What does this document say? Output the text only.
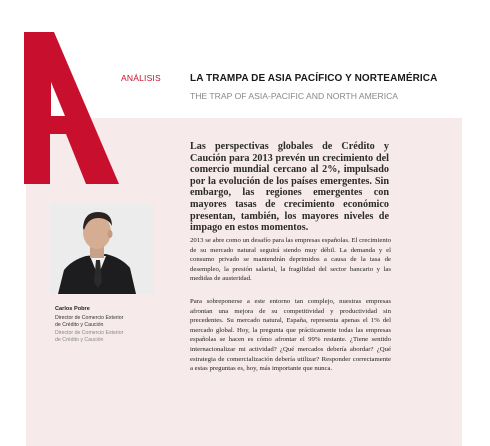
ANÁLISIS	LA TRAMPA DE ASIA PACÍFICO Y NORTEAMÉRICA
THE TRAP OF ASIA-PACIFIC AND NORTH AMERICA
Las perspectivas globales de Crédito y Caución para 2013 prevén un crecimiento del comercio mundial cercano al 2%, impulsado por la evolución de los países emergentes. Sin embargo, las regiones emergentes con mayores tasas de crecimiento económico presentan, también, los mayores niveles de impago en estos momentos.
Carlos Pobre
Director de Comercio Exterior
de Crédito y Caución
Director de Comercio Exterior
de Crédito y Caución
2013 se abre como un desafío para las empresas españolas. El crecimiento de su mercado natural seguirá siendo muy débil. La demanda y el consumo privado se mantendrán deprimidos a causa de la tasa de desempleo, la presión salarial, la fragilidad del sector bancario y las medidas de austeridad.
Para sobreponerse a este entorno tan complejo, nuestras empresas afrontan una mejora de su competitividad y productividad sin precedentes. Su mercado natural, España, representa apenas el 1% del mercado global. Hoy, la pregunta que prácticamente todas las empresas españolas se hacen es cómo afrontar el 99% restante. ¿Tiene sentido internacionalizar mi actividad? ¿Qué mercados debería abordar? ¿Qué estrategia de comercialización debería utilizar? Responder correctamente a estas preguntas es, hoy, más importante que nunca.
